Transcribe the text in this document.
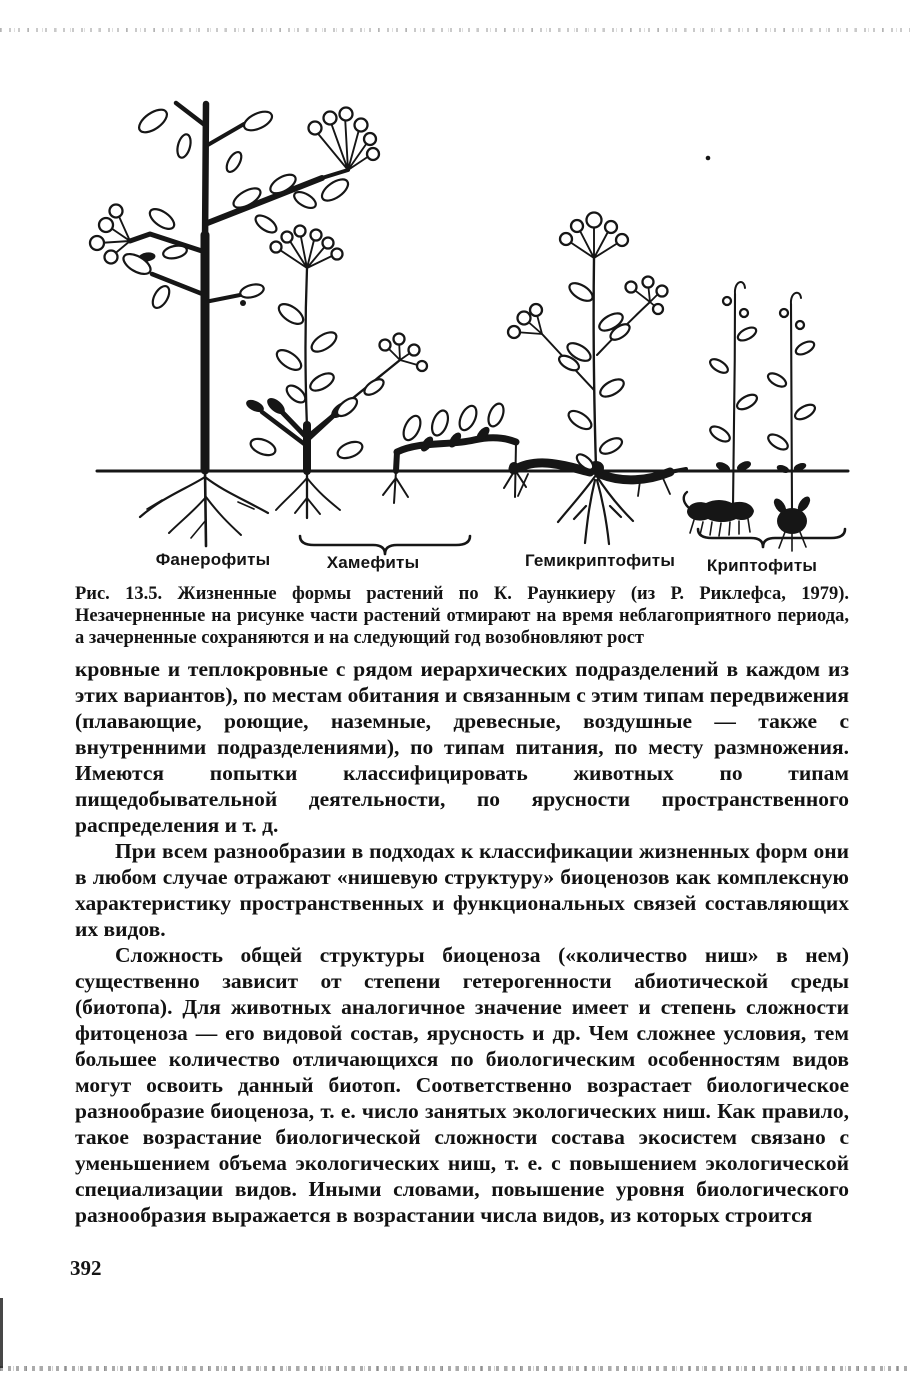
Фанерофиты	Хамефиты	Гемикриптофиты Криптофиты

Рис. 13.5. Жизненные формы растений по К. Раункиеру (из Р. Риклефса, 1979). Незачерненные на рисунке части растений отмирают на время неблагоприятного периода, а зачерненные сохраняются и на следующий год возобновляют рост

кровные и теплокровные с рядом иерархических подразделений в каждом из этих вариантов), по местам обитания и связанным с этим типам передвижения (плавающие, роющие, наземные, древесные, воздушные — также с внутренними подразделениями), по типам питания, по месту размножения. Имеются попытки классифицировать животных по типам пищедобывательной деятельности, по ярусности пространственного распределения и т. д.

При всем разнообразии в подходах к классификации жизненных форм они в любом случае отражают «нишевую структуру» биоценозов как комплексную характеристику пространственных и функциональных связей составляющих их видов.

Сложность общей структуры биоценоза («количество ниш» в нем) существенно зависит от степени гетерогенности абиотической среды (биотопа). Для животных аналогичное значение имеет и степень сложности фитоценоза — его видовой состав, ярусность и др. Чем сложнее условия, тем большее количество отличающихся по биологическим особенностям видов могут освоить данный биотоп. Соответственно возрастает биологическое разнообразие биоценоза, т. е. число занятых экологических ниш. Как правило, такое возрастание биологической сложности состава экосистем связано с уменьшением объема экологических ниш, т. е. с повышением экологической специализации видов. Иными словами, повышение уровня биологического разнообразия выражается в возрастании числа видов, из которых строится

392
